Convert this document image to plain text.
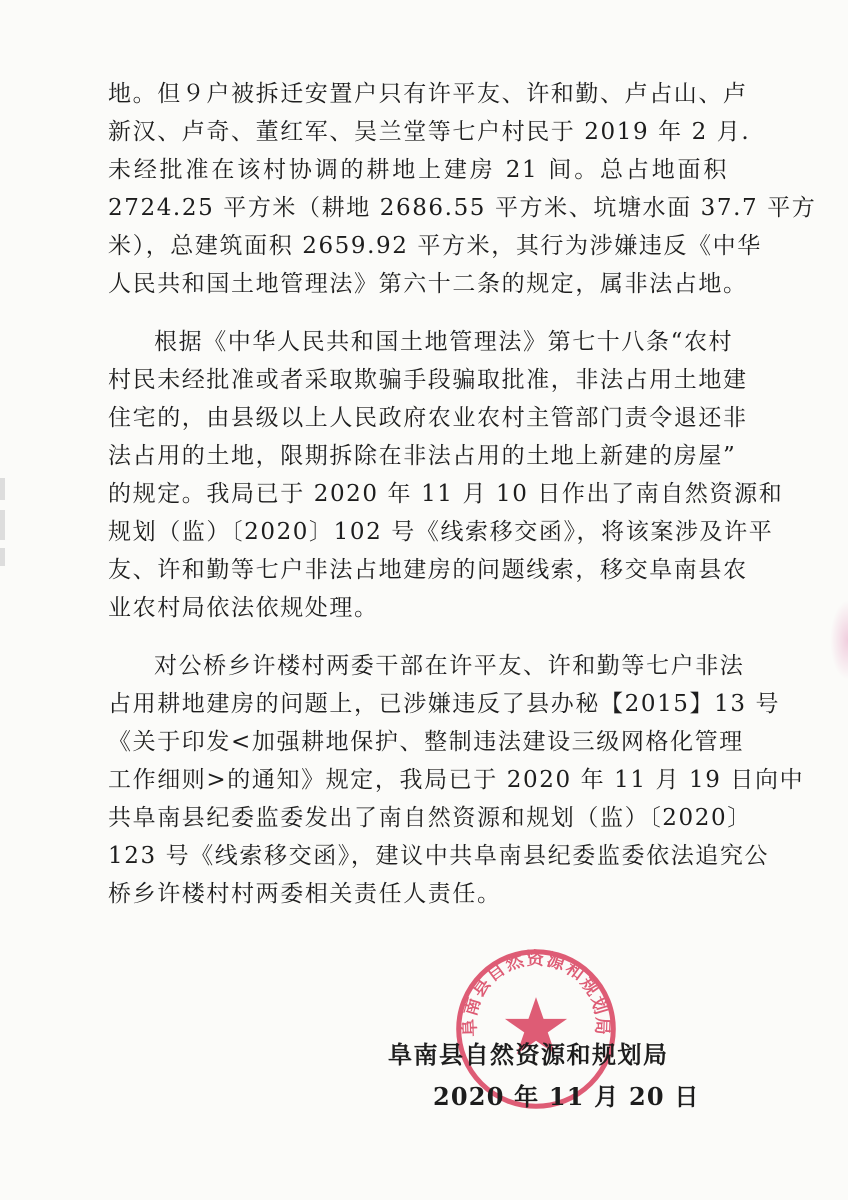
地。但９户被拆迁安置户只有许平友、许和勤、卢占山、卢
新汉、卢奇、董红军、吴兰堂等七户村民于 2019 年 2 月.
未经批准在该村协调的耕地上建房 21 间。总占地面积
2724.25 平方米（耕地 2686.55 平方米、坑塘水面 37.7 平方
米），总建筑面积 2659.92 平方米，其行为涉嫌违反《中华
人民共和国土地管理法》第六十二条的规定，属非法占地。
根据《中华人民共和国土地管理法》第七十八条“农村
村民未经批准或者采取欺骗手段骗取批准，非法占用土地建
住宅的，由县级以上人民政府农业农村主管部门责令退还非
法占用的土地，限期拆除在非法占用的土地上新建的房屋”
的规定。我局已于 2020 年 11 月 10 日作出了南自然资源和
规划（监）〔2020〕102 号《线索移交函》，将该案涉及许平
友、许和勤等七户非法占地建房的问题线索，移交阜南县农
业农村局依法依规处理。
对公桥乡许楼村两委干部在许平友、许和勤等七户非法
占用耕地建房的问题上，已涉嫌违反了县办秘【2015】13 号
《关于印发<加强耕地保护、整制违法建设三级网格化管理
工作细则>的通知》规定，我局已于 2020 年 11 月 19 日向中
共阜南县纪委监委发出了南自然资源和规划（监）〔2020〕
123 号《线索移交函》，建议中共阜南县纪委监委依法追究公
桥乡许楼村村两委相关责任人责任。
阜南县自然资源和规划局
阜南县自然资源和规划局
2020 年 11 月 20 日
